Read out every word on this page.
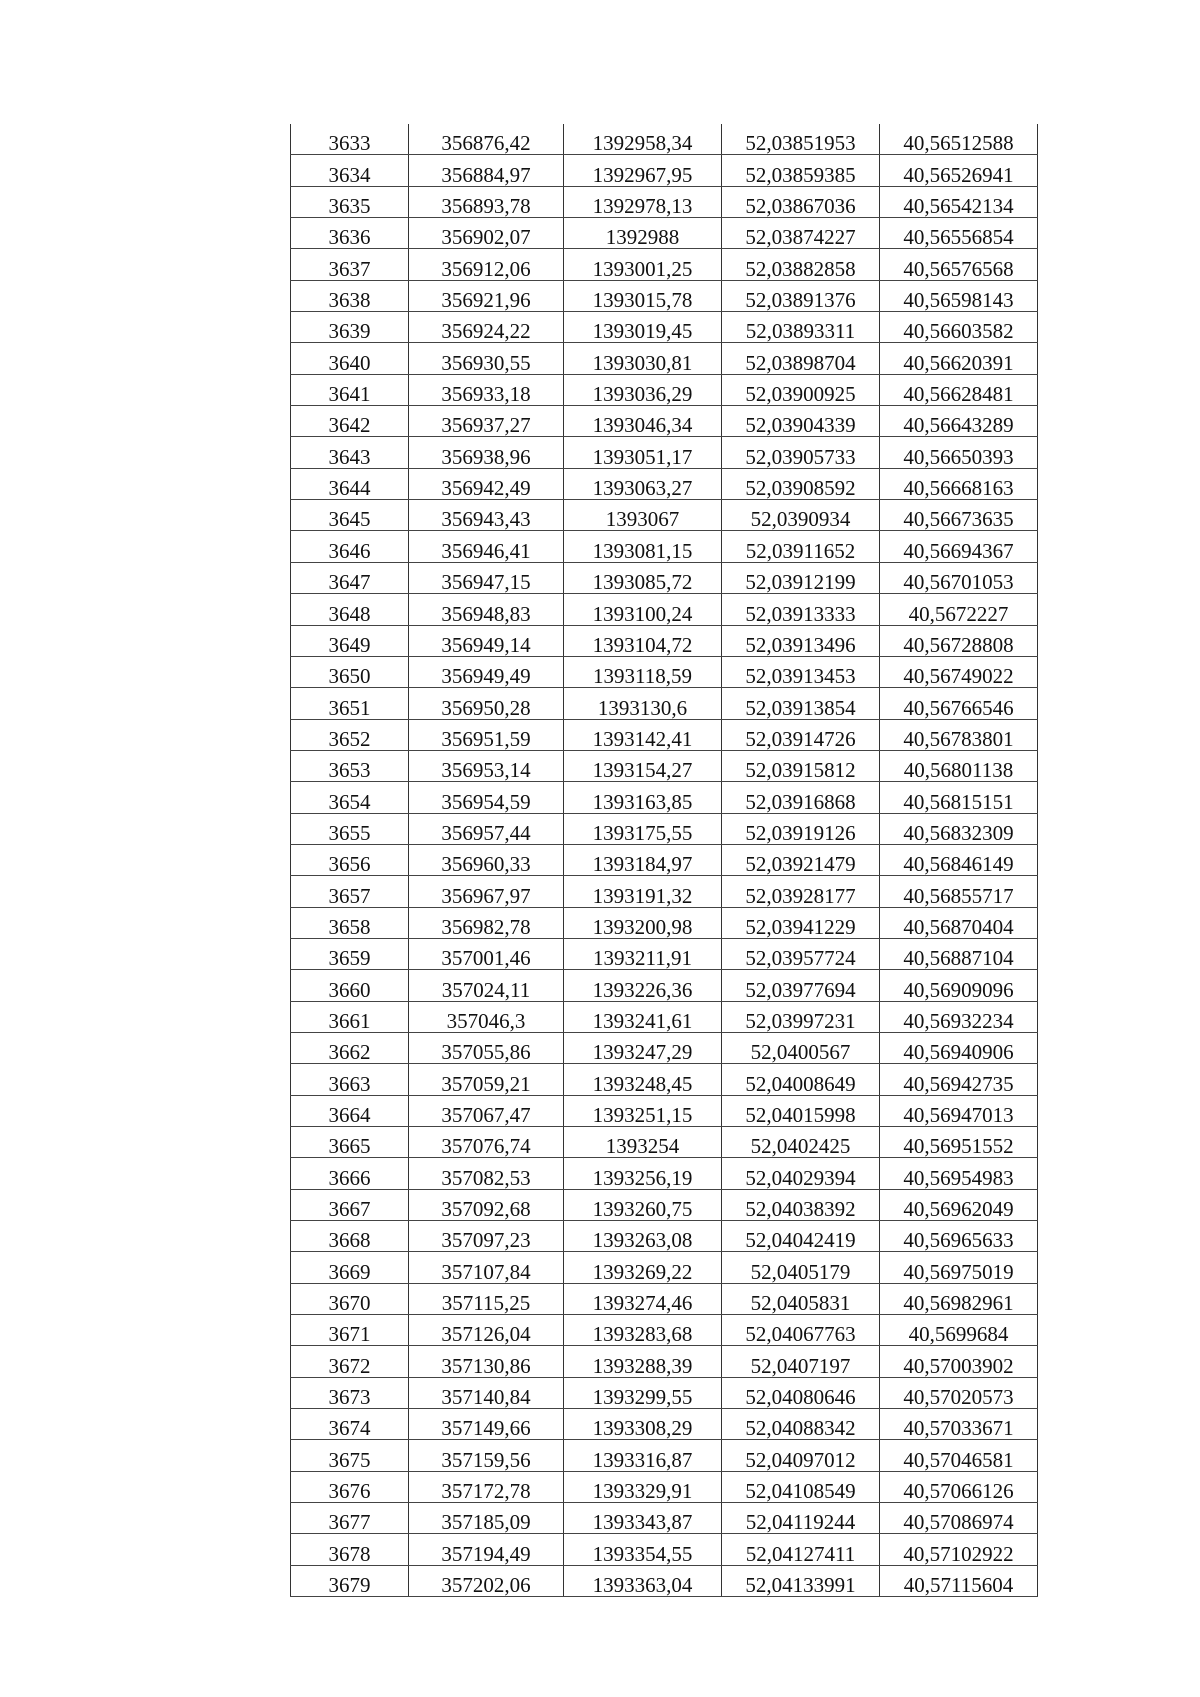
3633	356876,42	1392958,34	52,03851953	40,56512588
3634	356884,97	1392967,95	52,03859385	40,56526941
3635	356893,78	1392978,13	52,03867036	40,56542134
3636	356902,07	1392988	52,03874227	40,56556854
3637	356912,06	1393001,25	52,03882858	40,56576568
3638	356921,96	1393015,78	52,03891376	40,56598143
3639	356924,22	1393019,45	52,03893311	40,56603582
3640	356930,55	1393030,81	52,03898704	40,56620391
3641	356933,18	1393036,29	52,03900925	40,56628481
3642	356937,27	1393046,34	52,03904339	40,56643289
3643	356938,96	1393051,17	52,03905733	40,56650393
3644	356942,49	1393063,27	52,03908592	40,56668163
3645	356943,43	1393067	52,0390934	40,56673635
3646	356946,41	1393081,15	52,03911652	40,56694367
3647	356947,15	1393085,72	52,03912199	40,56701053
3648	356948,83	1393100,24	52,03913333	40,5672227
3649	356949,14	1393104,72	52,03913496	40,56728808
3650	356949,49	1393118,59	52,03913453	40,56749022
3651	356950,28	1393130,6	52,03913854	40,56766546
3652	356951,59	1393142,41	52,03914726	40,56783801
3653	356953,14	1393154,27	52,03915812	40,56801138
3654	356954,59	1393163,85	52,03916868	40,56815151
3655	356957,44	1393175,55	52,03919126	40,56832309
3656	356960,33	1393184,97	52,03921479	40,56846149
3657	356967,97	1393191,32	52,03928177	40,56855717
3658	356982,78	1393200,98	52,03941229	40,56870404
3659	357001,46	1393211,91	52,03957724	40,56887104
3660	357024,11	1393226,36	52,03977694	40,56909096
3661	357046,3	1393241,61	52,03997231	40,56932234
3662	357055,86	1393247,29	52,0400567	40,56940906
3663	357059,21	1393248,45	52,04008649	40,56942735
3664	357067,47	1393251,15	52,04015998	40,56947013
3665	357076,74	1393254	52,0402425	40,56951552
3666	357082,53	1393256,19	52,04029394	40,56954983
3667	357092,68	1393260,75	52,04038392	40,56962049
3668	357097,23	1393263,08	52,04042419	40,56965633
3669	357107,84	1393269,22	52,0405179	40,56975019
3670	357115,25	1393274,46	52,0405831	40,56982961
3671	357126,04	1393283,68	52,04067763	40,5699684
3672	357130,86	1393288,39	52,0407197	40,57003902
3673	357140,84	1393299,55	52,04080646	40,57020573
3674	357149,66	1393308,29	52,04088342	40,57033671
3675	357159,56	1393316,87	52,04097012	40,57046581
3676	357172,78	1393329,91	52,04108549	40,57066126
3677	357185,09	1393343,87	52,04119244	40,57086974
3678	357194,49	1393354,55	52,04127411	40,57102922
3679	357202,06	1393363,04	52,04133991	40,57115604
